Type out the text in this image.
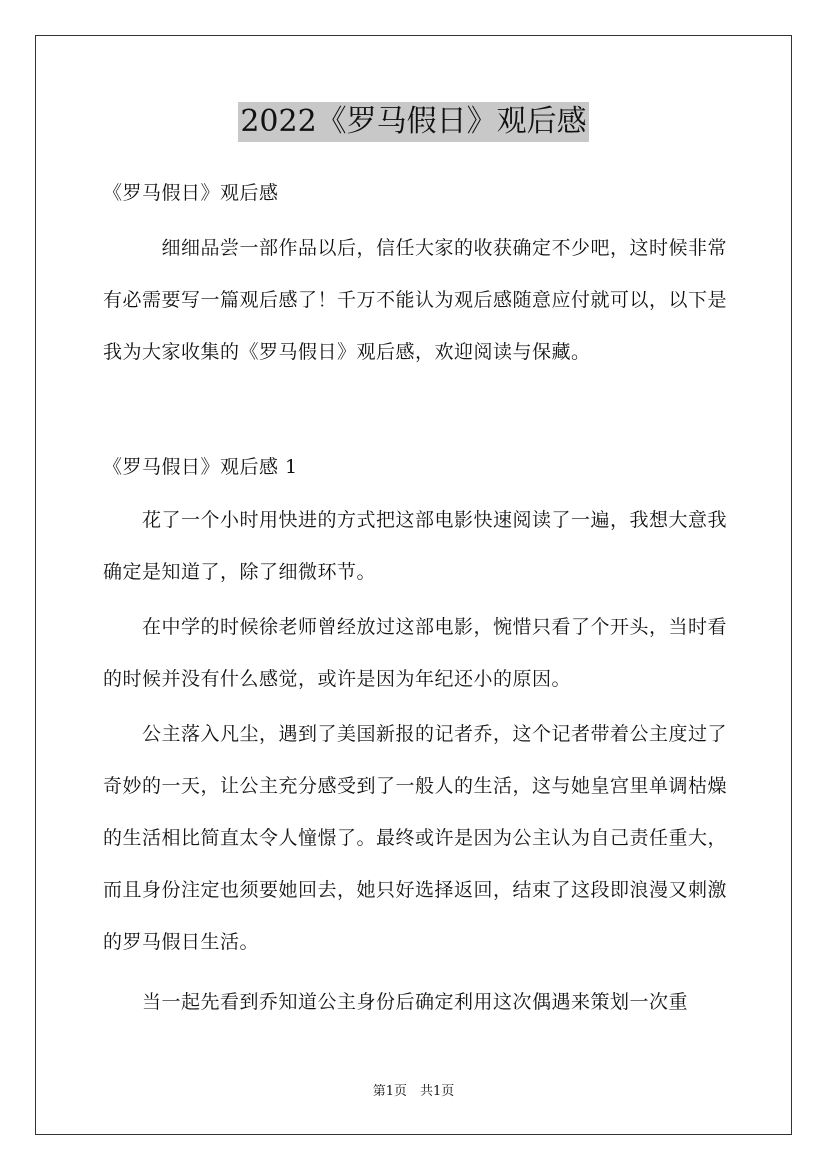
2022《罗马假日》观后感
《罗马假日》观后感
　　　细细品尝一部作品以后，信任大家的收获确定不少吧，这时候非常有必需要写一篇观后感了！千万不能认为观后感随意应付就可以，以下是我为大家收集的《罗马假日》观后感，欢迎阅读与保藏。
《罗马假日》观后感 1
　　花了一个小时用快进的方式把这部电影快速阅读了一遍，我想大意我确定是知道了，除了细微环节。
　　在中学的时候徐老师曾经放过这部电影，惋惜只看了个开头，当时看的时候并没有什么感觉，或许是因为年纪还小的原因。
　　公主落入凡尘，遇到了美国新报的记者乔，这个记者带着公主度过了奇妙的一天，让公主充分感受到了一般人的生活，这与她皇宫里单调枯燥的生活相比简直太令人憧憬了。最终或许是因为公主认为自己责任重大，而且身份注定也须要她回去，她只好选择返回，结束了这段即浪漫又刺激的罗马假日生活。
　　当一起先看到乔知道公主身份后确定利用这次偶遇来策划一次重
第1页　共1页
